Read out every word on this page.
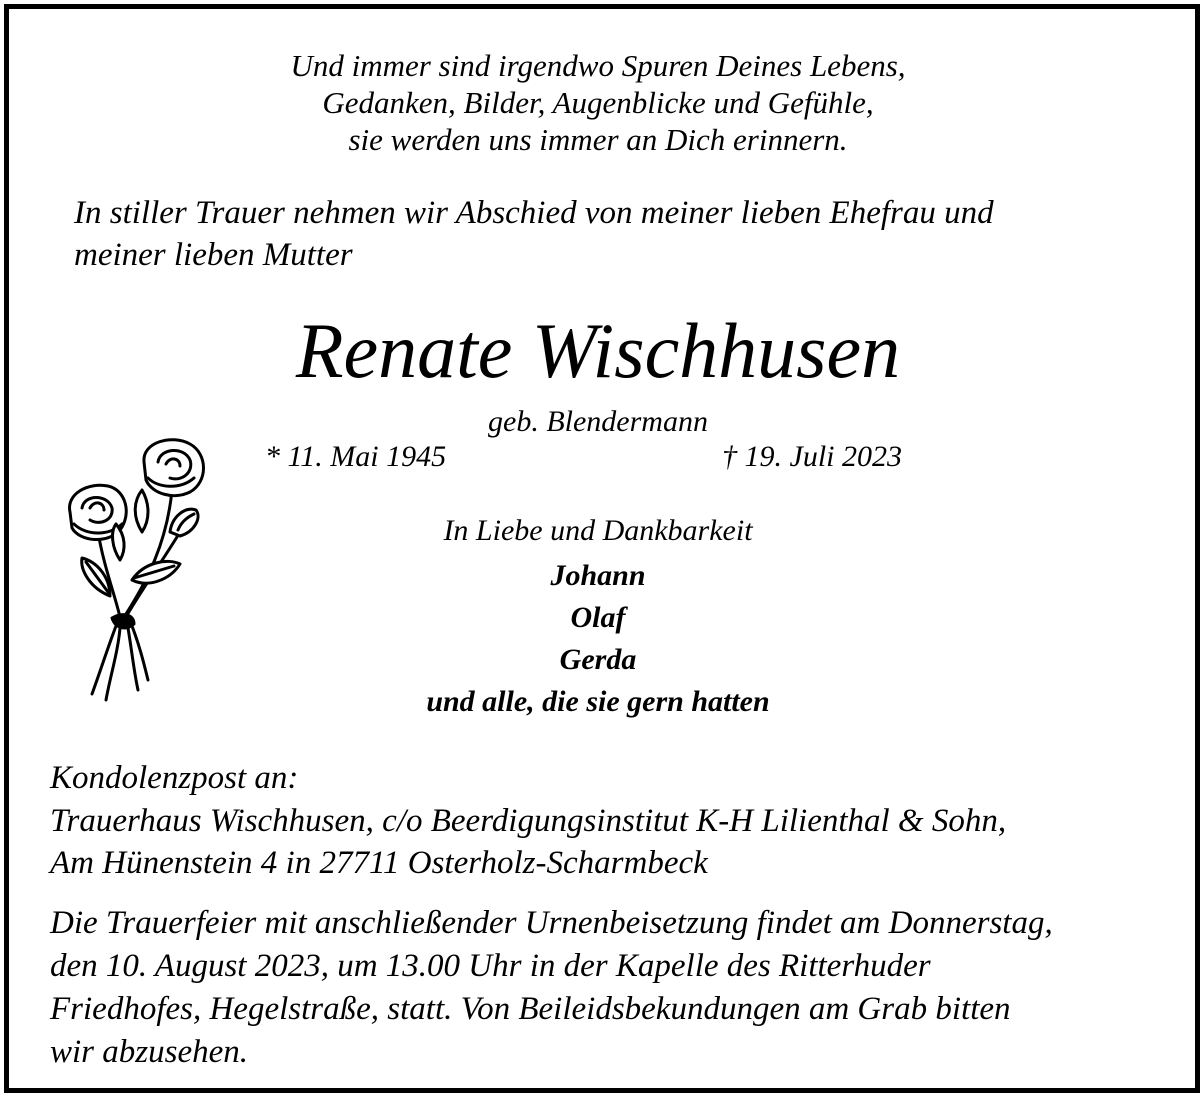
Und immer sind irgendwo Spuren Deines Lebens,
Gedanken, Bilder, Augenblicke und Gefühle,
sie werden uns immer an Dich erinnern.
In stiller Trauer nehmen wir Abschied von meiner lieben Ehefrau und
meiner lieben Mutter
Renate Wischhusen
geb. Blendermann
* 11. Mai 1945	† 19. Juli 2023
In Liebe und Dankbarkeit
Johann
Olaf
Gerda
und alle, die sie gern hatten
Kondolenzpost an:
Trauerhaus Wischhusen, c/o Beerdigungsinstitut K-H Lilienthal & Sohn,
Am Hünenstein 4 in 27711 Osterholz-Scharmbeck
Die Trauerfeier mit anschließender Urnenbeisetzung findet am Donnerstag,
den 10. August 2023, um 13.00 Uhr in der Kapelle des Ritterhuder
Friedhofes, Hegelstraße, statt. Von Beileidsbekundungen am Grab bitten
wir abzusehen.
